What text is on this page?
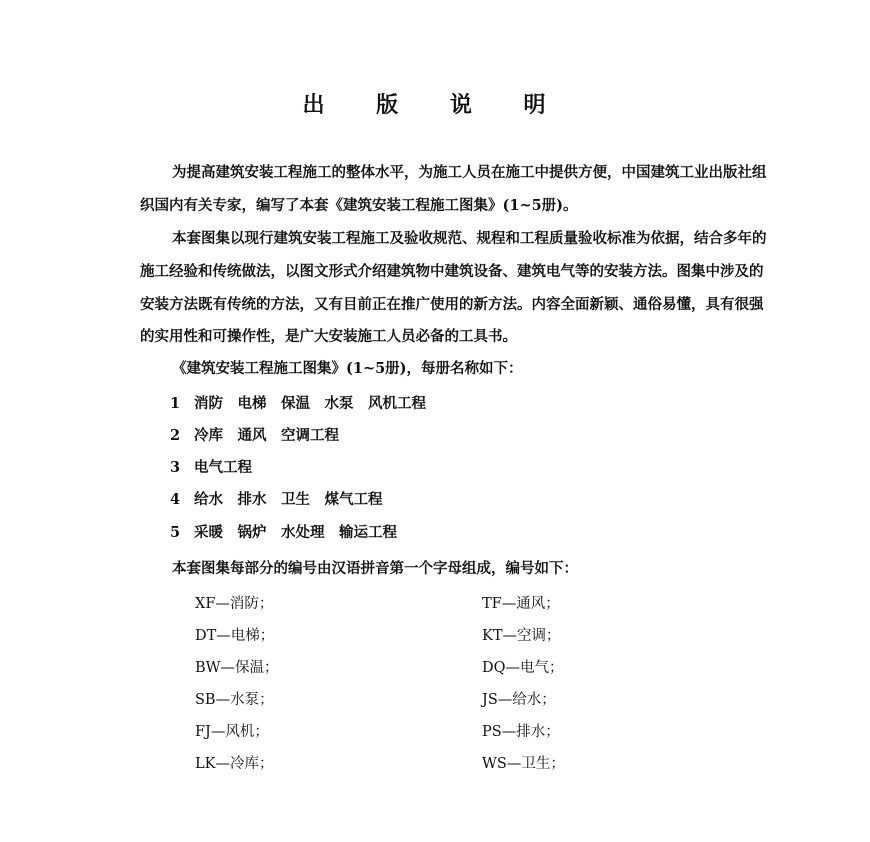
出 版 说 明
为提高建筑安装工程施工的整体水平，为施工人员在施工中提供方便，中国建筑工业出版社组
织国内有关专家，编写了本套《建筑安装工程施工图集》(1~5册)。
本套图集以现行建筑安装工程施工及验收规范、规程和工程质量验收标准为依据，结合多年的
施工经验和传统做法，以图文形式介绍建筑物中建筑设备、建筑电气等的安装方法。图集中涉及的
安装方法既有传统的方法，又有目前正在推广使用的新方法。内容全面新颖、通俗易懂，具有很强
的实用性和可操作性，是广大安装施工人员必备的工具书。
《建筑安装工程施工图集》(1~5册)，每册名称如下：
1 消防　电梯　保温　水泵　风机工程
2 冷库　通风　空调工程
3 电气工程
4 给水　排水　卫生　煤气工程
5 采暖　锅炉　水处理　输运工程
本套图集每部分的编号由汉语拼音第一个字母组成，编号如下：
XF—消防；
DT—电梯；
BW—保温；
SB—水泵；
FJ—风机；
LK—冷库；
TF—通风；
KT—空调；
DQ—电气；
JS—给水；
PS—排水；
WS—卫生；
